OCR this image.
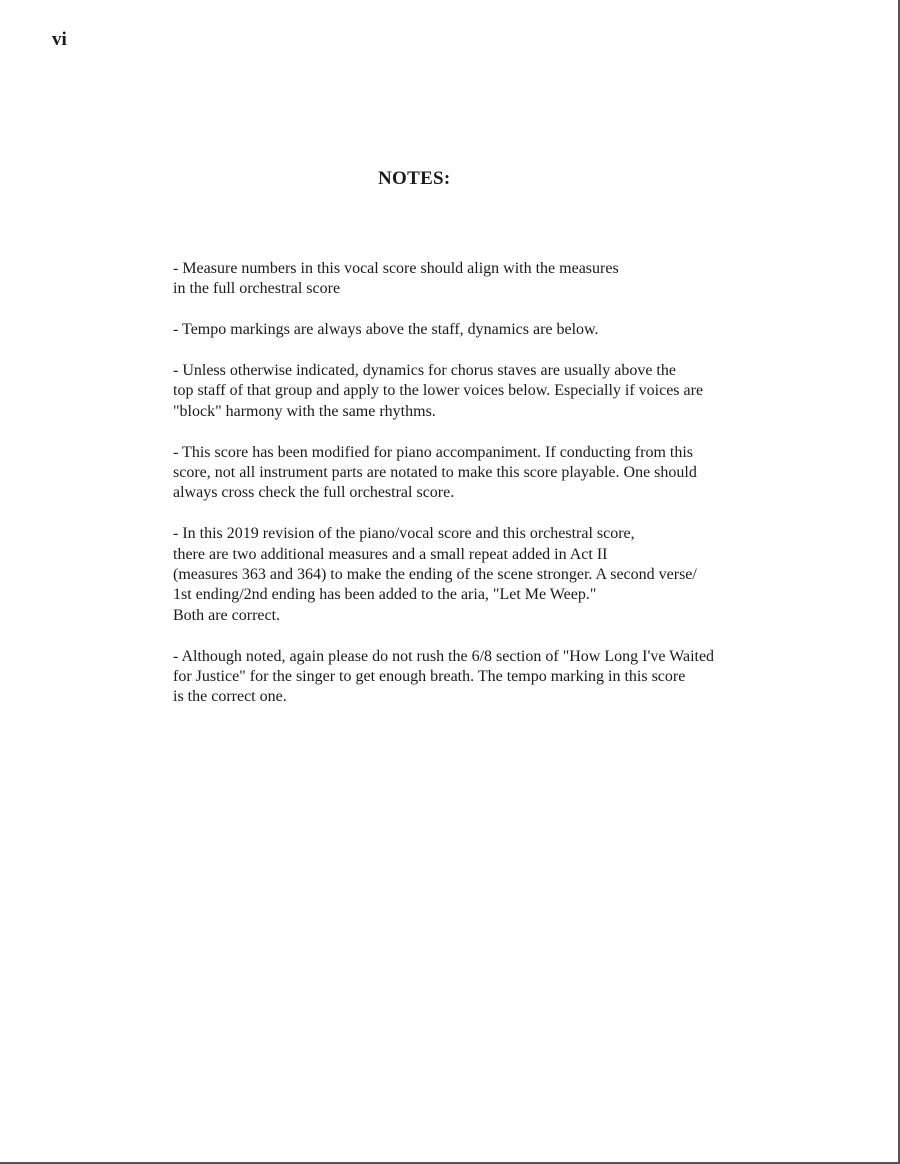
vi
NOTES:
- Measure numbers in this vocal score should align with the measures
in the full orchestral score
- Tempo markings are always above the staff, dynamics are below.
- Unless otherwise indicated, dynamics for chorus staves are usually above the
top staff of that group and apply to the lower voices below. Especially if voices are
"block" harmony with the same rhythms.
- This score has been modified for piano accompaniment. If conducting from this
score, not all instrument parts are notated to make this score playable. One should
always cross check the full orchestral score.
- In this 2019 revision of the piano/vocal score and this orchestral score,
there are two additional measures and a small repeat added in Act II
(measures 363 and 364) to make the ending of the scene stronger. A second verse/
1st ending/2nd ending has been added to the aria, "Let Me Weep."
Both are correct.
- Although noted, again please do not rush the 6/8 section of "How Long I've Waited
for Justice" for the singer to get enough breath. The tempo marking in this score
is the correct one.
